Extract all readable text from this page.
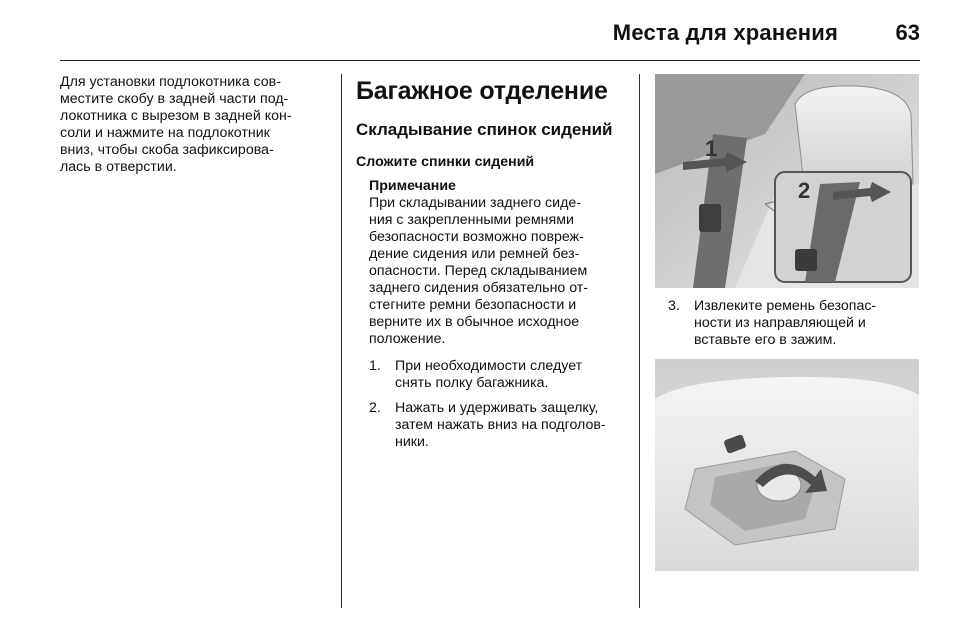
Места для хранения	63
Для установки подлокотника сов-
местите скобу в задней части под-
локотника с вырезом в задней кон-
соли и нажмите на подлокотник
вниз, чтобы скоба зафиксирова-
лась в отверстии.
Багажное отделение
Складывание спинок сидений
Сложите спинки сидений
Примечание
При складывании заднего сиде-
ния с закрепленными ремнями
безопасности возможно повреж-
дение сидения или ремней без-
опасности. Перед складыванием
заднего сидения обязательно от-
стегните ремни безопасности и
верните их в обычное исходное
положение.
1. При необходимости следует
снять полку багажника.
2. Нажать и удерживать защелку,
затем нажать вниз на подголов-
ники.
1
2
3. Извлеките ремень безопас-
ности из направляющей и
вставьте его в зажим.
